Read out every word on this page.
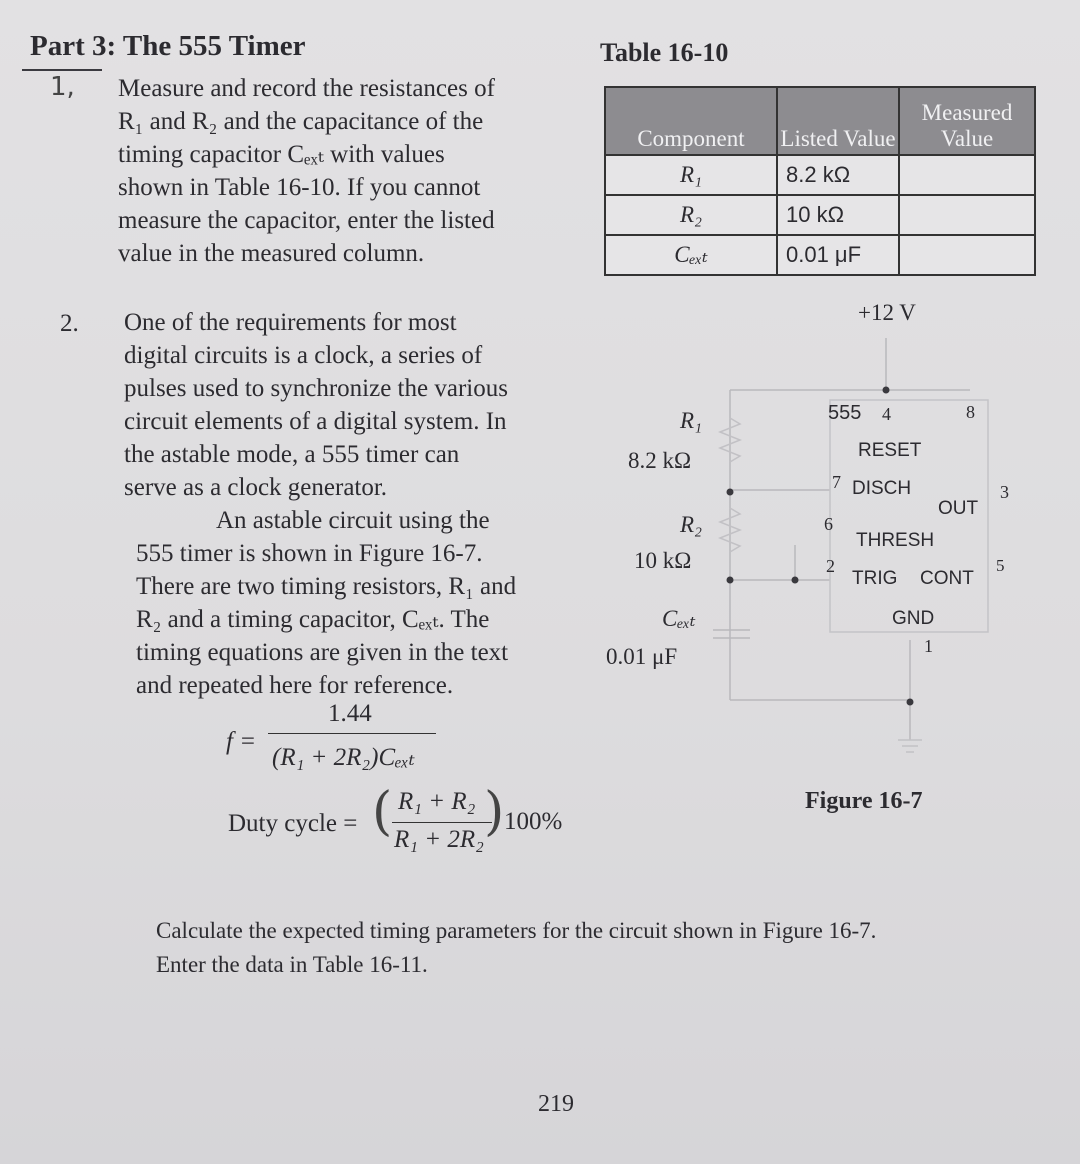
Part 3: The 555 Timer
1, Measure and record the resistances of
R₁ and R₂ and the capacitance of the
timing capacitor Cₑₓₜ with values
shown in Table 16-10. If you cannot
measure the capacitor, enter the listed
value in the measured column.
Table 16-10
Component	Listed Value	Measured Value
R₁	8.2 kΩ	
R₂	10 kΩ	
Cₑₓₜ	0.01 μF	
2. One of the requirements for most
digital circuits is a clock, a series of
pulses used to synchronize the various
circuit elements of a digital system. In
the astable mode, a 555 timer can
serve as a clock generator.
An astable circuit using the
555 timer is shown in Figure 16-7.
There are two timing resistors, R₁ and
R₂ and a timing capacitor, Cₑₓₜ. The
timing equations are given in the text
and repeated here for reference.
f =
1.44
(R₁ + 2R₂)Cₑₓₜ
Duty cycle = ( R₁ + R₂
R₁ + 2R₂ ) 100%
+12 V
R₁
8.2 kΩ
R₂
10 kΩ
Cₑₓₜ
0.01 μF
555 4	8
RESET
7 DISCH	3
OUT
6
THRESH
2	5
TRIG CONT
GND
1
Figure 16-7
Calculate the expected timing parameters for the circuit shown in Figure 16-7.
Enter the data in Table 16-11.
219
